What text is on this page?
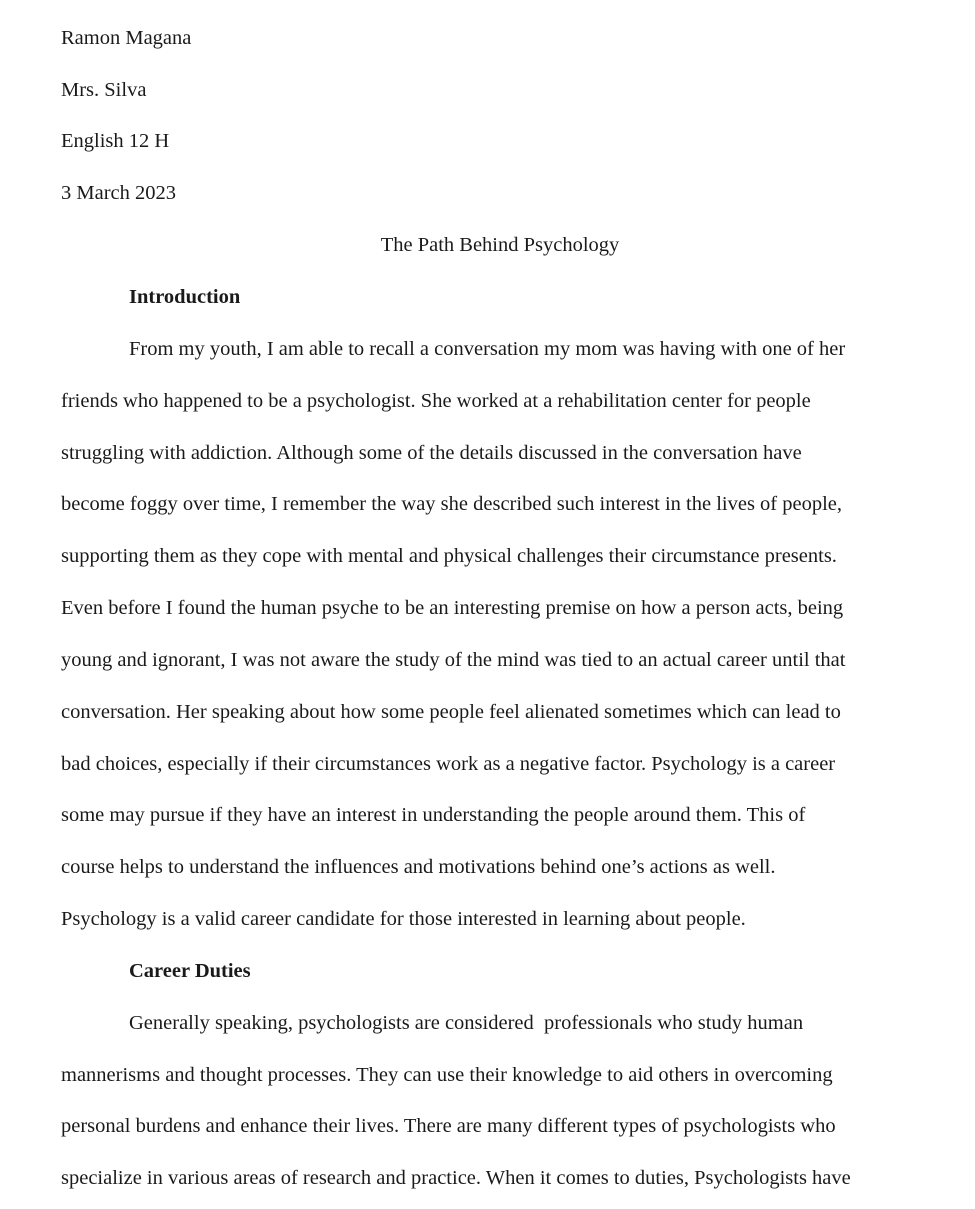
Ramon Magana
Mrs. Silva
English 12 H
3 March 2023
The Path Behind Psychology
Introduction
From my youth, I am able to recall a conversation my mom was having with one of her
friends who happened to be a psychologist. She worked at a rehabilitation center for people
struggling with addiction. Although some of the details discussed in the conversation have
become foggy over time, I remember the way she described such interest in the lives of people,
supporting them as they cope with mental and physical challenges their circumstance presents.
Even before I found the human psyche to be an interesting premise on how a person acts, being
young and ignorant, I was not aware the study of the mind was tied to an actual career until that
conversation. Her speaking about how some people feel alienated sometimes which can lead to
bad choices, especially if their circumstances work as a negative factor. Psychology is a career
some may pursue if they have an interest in understanding the people around them. This of
course helps to understand the influences and motivations behind one’s actions as well.
Psychology is a valid career candidate for those interested in learning about people.
Career Duties
Generally speaking, psychologists are considered  professionals who study human
mannerisms and thought processes. They can use their knowledge to aid others in overcoming
personal burdens and enhance their lives. There are many different types of psychologists who
specialize in various areas of research and practice. When it comes to duties, Psychologists have
